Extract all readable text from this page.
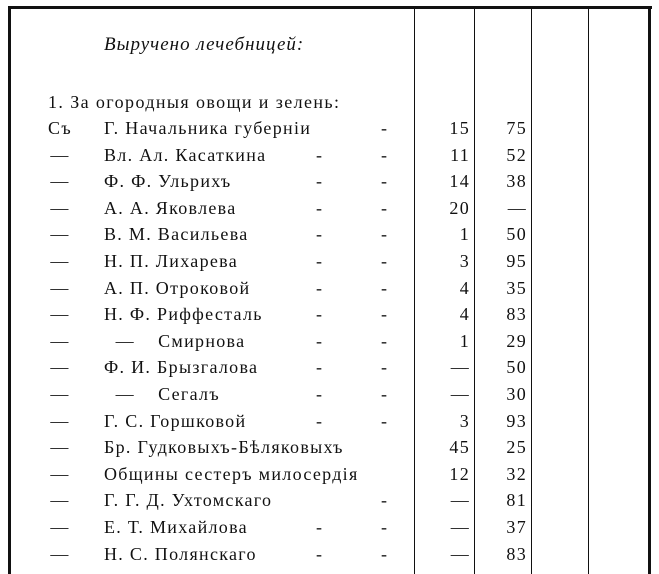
Выручено лечебницей:
1. За огородныя овощи и зелень:
Съ	Г. Начальника губерніи	-	15 75
—	Вл. Ал. Касаткина	-	-	11 52
—	Ф. Ф. Ульрихъ	-	-	14 38
—	А. А. Яковлева	-	-	20 —
—	В. М. Васильева	-	-	1 50
—	Н. П. Лихарева	-	-	3 95
—	А. П. Отроковой	-	-	4 35
—	Н. Ф. Риффесталь	-	-	4 83
—	—    Смирнова	-	-	1 29
—	Ф. И. Брызгалова	-	-	— 50
—	—    Сегалъ	-	-	— 30
—	Г. С. Горшковой	-	-	3 93
—	Бр. Гудковыхъ-Бѣляковыхъ	45 25
—	Общины сестеръ милосердія	12 32
—	Г. Г. Д. Ухтомскаго	-	— 81
—	Е. Т. Михайлова	-	-	— 37
—	Н. С. Полянскаго	-	-	— 83
